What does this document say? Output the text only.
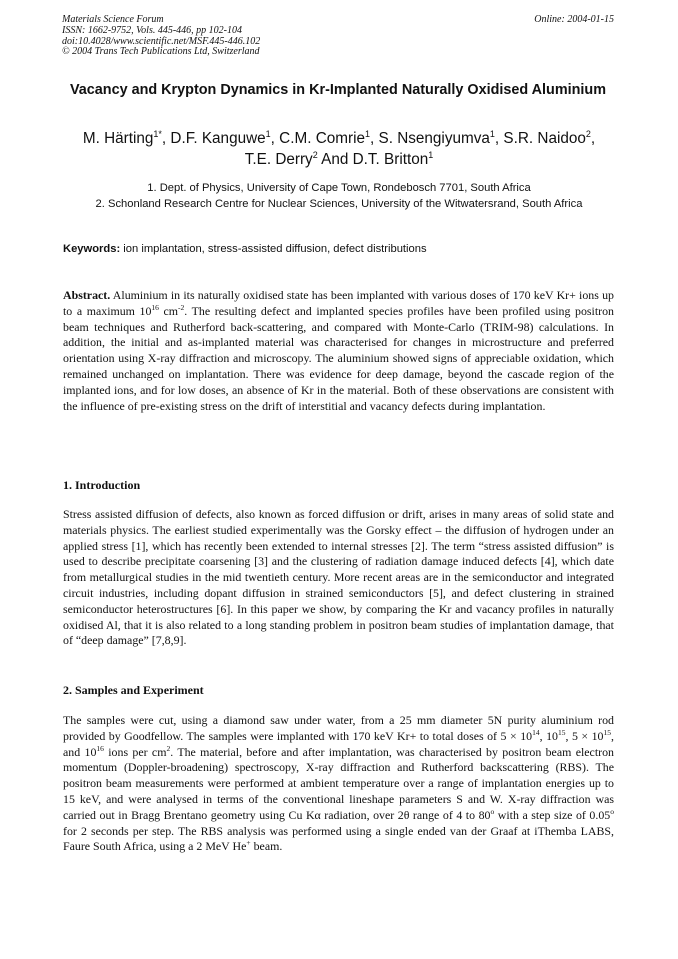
Materials Science Forum
ISSN: 1662-9752, Vols. 445-446, pp 102-104
doi:10.4028/www.scientific.net/MSF.445-446.102
© 2004 Trans Tech Publications Ltd, Switzerland
Online: 2004-01-15
Vacancy and Krypton Dynamics in Kr-Implanted Naturally Oxidised Aluminium
M. Härting$^{1*}$, D.F. Kanguwe$^1$, C.M. Comrie$^1$, S. Nsengiyumva$^1$, S.R. Naidoo$^2$,
T.E. Derry$^2$ And D.T. Britton$^1$
1. Dept. of Physics, University of Cape Town, Rondebosch 7701, South Africa
2. Schonland Research Centre for Nuclear Sciences, University of the Witwatersrand, South Africa
Keywords: ion implantation, stress-assisted diffusion, defect distributions
Abstract. Aluminium in its naturally oxidised state has been implanted with various doses of 170 keV Kr+ ions up to a maximum $10^{16}$ $cm^{-2}$. The resulting defect and implanted species profiles have been profiled using positron beam techniques and Rutherford back-scattering, and compared with Monte-Carlo (TRIM-98) calculations. In addition, the initial and as-implanted material was characterised for changes in microstructure and preferred orientation using X-ray diffraction and microscopy. The aluminium showed signs of appreciable oxidation, which remained unchanged on implantation. There was evidence for deep damage, beyond the cascade region of the implanted ions, and for low doses, an absence of Kr in the material. Both of these observations are consistent with the influence of pre-existing stress on the drift of interstitial and vacancy defects during implantation.
1. Introduction
Stress assisted diffusion of defects, also known as forced diffusion or drift, arises in many areas of solid state and materials physics. The earliest studied experimentally was the Gorsky effect – the diffusion of hydrogen under an applied stress [1], which has recently been extended to internal stresses [2]. The term “stress assisted diffusion” is used to describe precipitate coarsening [3] and the clustering of radiation damage induced defects [4], which date from metallurgical studies in the mid twentieth century. More recent areas are in the semiconductor and integrated circuit industries, including dopant diffusion in strained semiconductors [5], and defect clustering in strained semiconductor heterostructures [6]. In this paper we show, by comparing the Kr and vacancy profiles in naturally oxidised Al, that it is also related to a long standing problem in positron beam studies of implantation damage, that of “deep damage” [7,8,9].
2. Samples and Experiment
The samples were cut, using a diamond saw under water, from a 25 mm diameter 5N purity aluminium rod provided by Goodfellow. The samples were implanted with 170 keV Kr+ to total doses of $5 \times 10^{14}$, $10^{15}$, $5 \times 10^{15}$, and $10^{16}$ ions per $cm^2$. The material, before and after implantation, was characterised by positron beam electron momentum (Doppler-broadening) spectroscopy, X-ray diffraction and Rutherford backscattering (RBS). The positron beam measurements were performed at ambient temperature over a range of implantation energies up to 15 keV, and were analysed in terms of the conventional lineshape parameters S and W. X-ray diffraction was carried out in Bragg Brentano geometry using Cu Kα radiation, over 2θ range of 4 to 80$^o$ with a step size of 0.05$^o$ for 2 seconds per step. The RBS analysis was performed using a single ended van der Graaf at iThemba LABS, Faure South Africa, using a 2 MeV He+ beam.
